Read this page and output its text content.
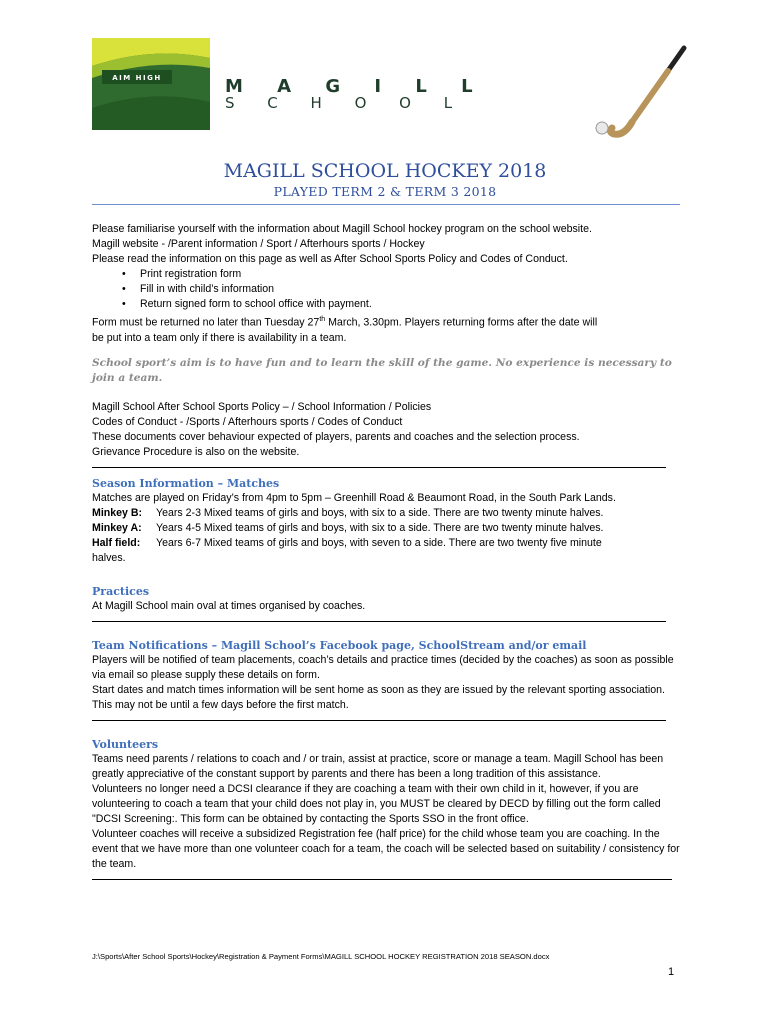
AIM HIGH	M A G I L L
S C H O O L
MAGILL SCHOOL HOCKEY 2018
PLAYED TERM 2 & TERM 3 2018

Please familiarise yourself with the information about Magill School hockey program on the school website.

Magill website - /Parent information / Sport / Afterhours sports / Hockey

Please read the information on this page as well as After School Sports Policy and Codes of Conduct.

• Print registration form
• Fill in with child’s information
• Return signed form to school office with payment.

Form must be returned no later than Tuesday 27th March, 3.30pm. Players returning forms after the date will

be put into a team only if there is availability in a team.

School sport’s aim is to have fun and to learn the skill of the game. No experience is necessary to join a team.

Magill School After School Sports Policy – / School Information / Policies

Codes of Conduct - /Sports / Afterhours sports / Codes of Conduct

These documents cover behaviour expected of players, parents and coaches and the selection process.

Grievance Procedure is also on the website.

Season Information – Matches

Matches are played on Friday’s from 4pm to 5pm – Greenhill Road & Beaumont Road, in the South Park Lands.

Minkey B:	Years 2-3 Mixed teams of girls and boys, with six to a side. There are two twenty minute halves.
Minkey A:	Years 4-5 Mixed teams of girls and boys, with six to a side. There are two twenty minute halves.
Half field:	Years 6-7 Mixed teams of girls and boys, with seven to a side. There are two twenty five minute

halves.

Practices

At Magill School main oval at times organised by coaches.

Team Notifications – Magill School’s Facebook page, SchoolStream and/or email

Players will be notified of team placements, coach’s details and practice times (decided by the coaches) as soon as possible via email so please supply these details on form.

Start dates and match times information will be sent home as soon as they are issued by the relevant sporting association. This may not be until a few days before the first match.

Volunteers

Teams need parents / relations to coach and / or train, assist at practice, score or manage a team. Magill School has been greatly appreciative of the constant support by parents and there has been a long tradition of this assistance.

Volunteers no longer need a DCSI clearance if they are coaching a team with their own child in it, however, if you are volunteering to coach a team that your child does not play in, you MUST be cleared by DECD by filling out the form called "DCSI Screening:. This form can be obtained by contacting the Sports SSO in the front office.

Volunteer coaches will receive a subsidized Registration fee (half price) for the child whose team you are coaching. In the event that we have more than one volunteer coach for a team, the coach will be selected based on suitability / consistency for the team.

J:\Sports\After School Sports\Hockey\Registration & Payment Forms\MAGILL SCHOOL HOCKEY REGISTRATION 2018 SEASON.docx
1
